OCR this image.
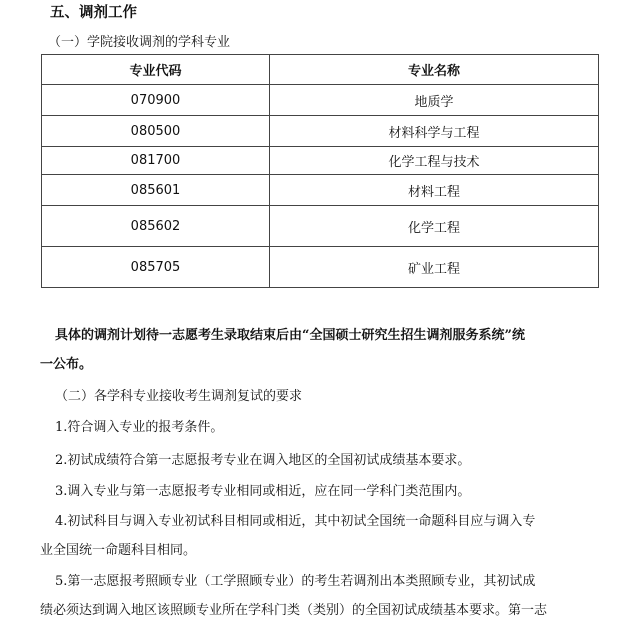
五、调剂工作
（一）学院接收调剂的学科专业
专业代码	专业名称
070900	地质学
080500	材料科学与工程
081700	化学工程与技术
085601	材料工程
085602	化学工程
085705	矿业工程
具体的调剂计划待一志愿考生录取结束后由“全国硕士研究生招生调剂服务系统”统
一公布。
（二）各学科专业接收考生调剂复试的要求
1.符合调入专业的报考条件。
2.初试成绩符合第一志愿报考专业在调入地区的全国初试成绩基本要求。
3.调入专业与第一志愿报考专业相同或相近，应在同一学科门类范围内。
4.初试科目与调入专业初试科目相同或相近，其中初试全国统一命题科目应与调入专
业全国统一命题科目相同。
5.第一志愿报考照顾专业（工学照顾专业）的考生若调剂出本类照顾专业，其初试成
绩必须达到调入地区该照顾专业所在学科门类（类别）的全国初试成绩基本要求。第一志
